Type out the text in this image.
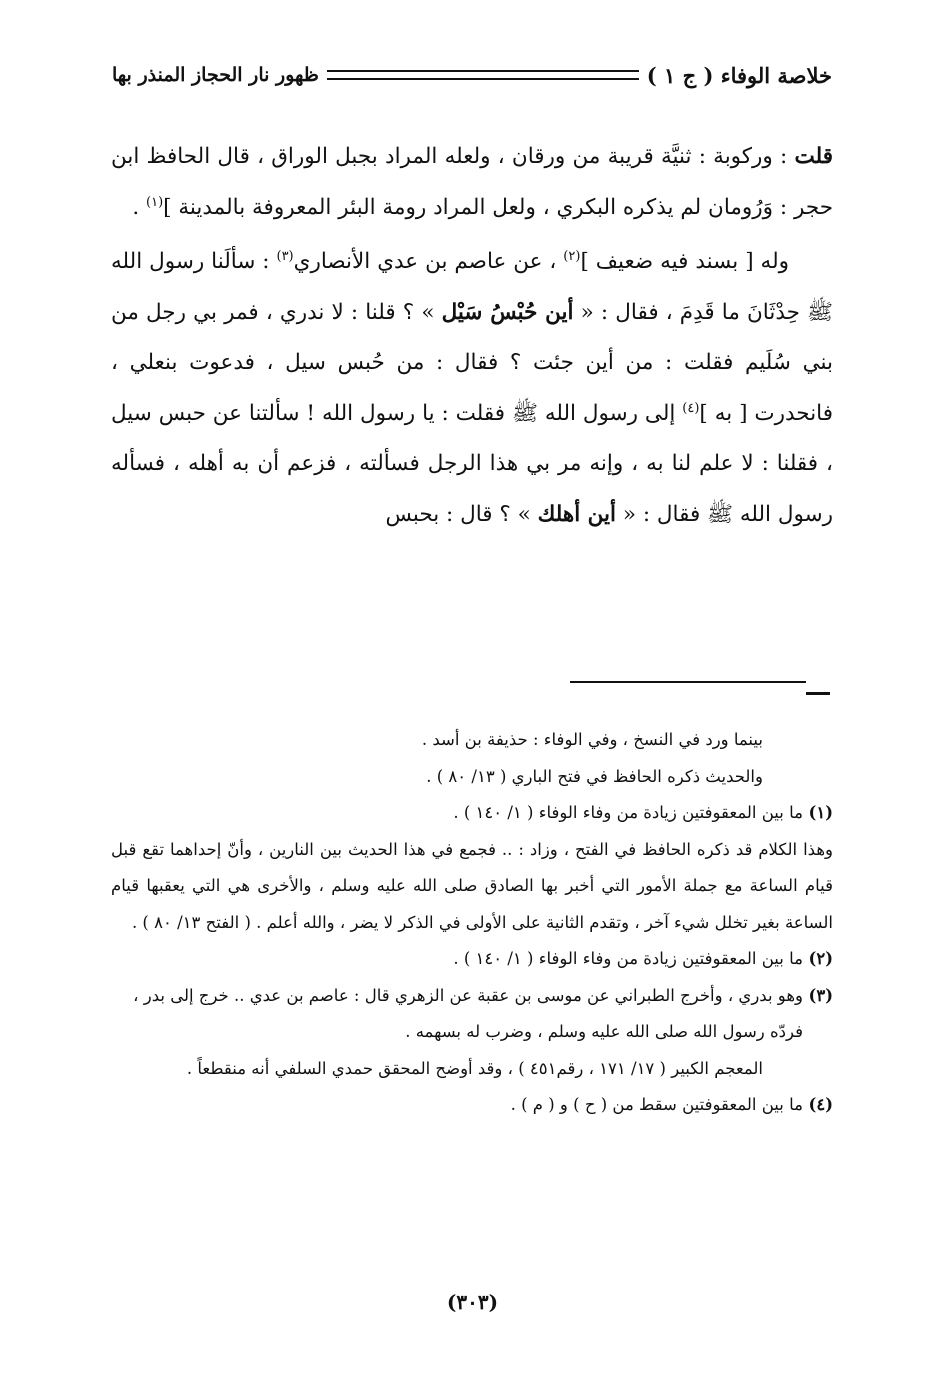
خلاصة الوفاء ( ج ١ )
ظهور نار الحجاز المنذر بها

قلت : وركوبة : ثنيَّة قريبة من ورقان ، ولعله المراد بجبل الوراق ، قال الحافظ ابن حجر : وَرُومان لم يذكره البكري ، ولعل المراد رومة البئر المعروفة بالمدينة ]$^{(١)}$ .

وله [ بسند فيه ضعيف ]$^{(٢)}$ ، عن عاصم بن عدي الأنصاري$^{(٣)}$ : سألَنا رسول الله ﷺ حِدْثَانَ ما قَدِمَ ، فقال : « أين حُبْسُ سَيْل » ؟ قلنا : لا ندري ، فمر بي رجل من بني سُلَيم فقلت : من أين جئت ؟ فقال : من حُبس سيل ، فدعوت بنعلي ، فانحدرت [ به ]$^{(٤)}$ إلى رسول الله ﷺ فقلت : يا رسول الله ! سألتنا عن حبس سيل ، فقلنا : لا علم لنا به ، وإنه مر بي هذا الرجل فسألته ، فزعم أن به أهله ، فسأله رسول الله ﷺ فقال : « أين أهلك » ؟ قال : بحبس

بينما ورد في النسخ ، وفي الوفاء : حذيفة بن أسد .

والحديث ذكره الحافظ في فتح الباري ( ١٣/ ٨٠ ) .

(١)
ما بين المعقوفتين زيادة من وفاء الوفاء ( ١/ ١٤٠ ) .

وهذا الكلام قد ذكره الحافظ في الفتح ، وزاد : .. فجمع في هذا الحديث بين النارين ، وأنّ إحداهما تقع قبل قيام الساعة مع جملة الأمور التي أخبر بها الصادق صلى الله عليه وسلم ، والأخرى هي التي يعقبها قيام الساعة بغير تخلل شيء آخر ، وتقدم الثانية على الأولى في الذكر لا يضر ، والله أعلم . ( الفتح ١٣/ ٨٠ ) .

(٢)
ما بين المعقوفتين زيادة من وفاء الوفاء ( ١/ ١٤٠ ) .
(٣)
وهو بدري ، وأخرج الطبراني عن موسى بن عقبة عن الزهري قال : عاصم بن عدي .. خرج إلى بدر ، فردّه رسول الله صلى الله عليه وسلم ، وضرب له بسهمه .

المعجم الكبير ( ١٧/ ١٧١ ، رقم٤٥١ ) ، وقد أوضح المحقق حمدي السلفي أنه منقطعاً .

(٤)
ما بين المعقوفتين سقط من ( ح ) و ( م ) .
(٣٠٣)
